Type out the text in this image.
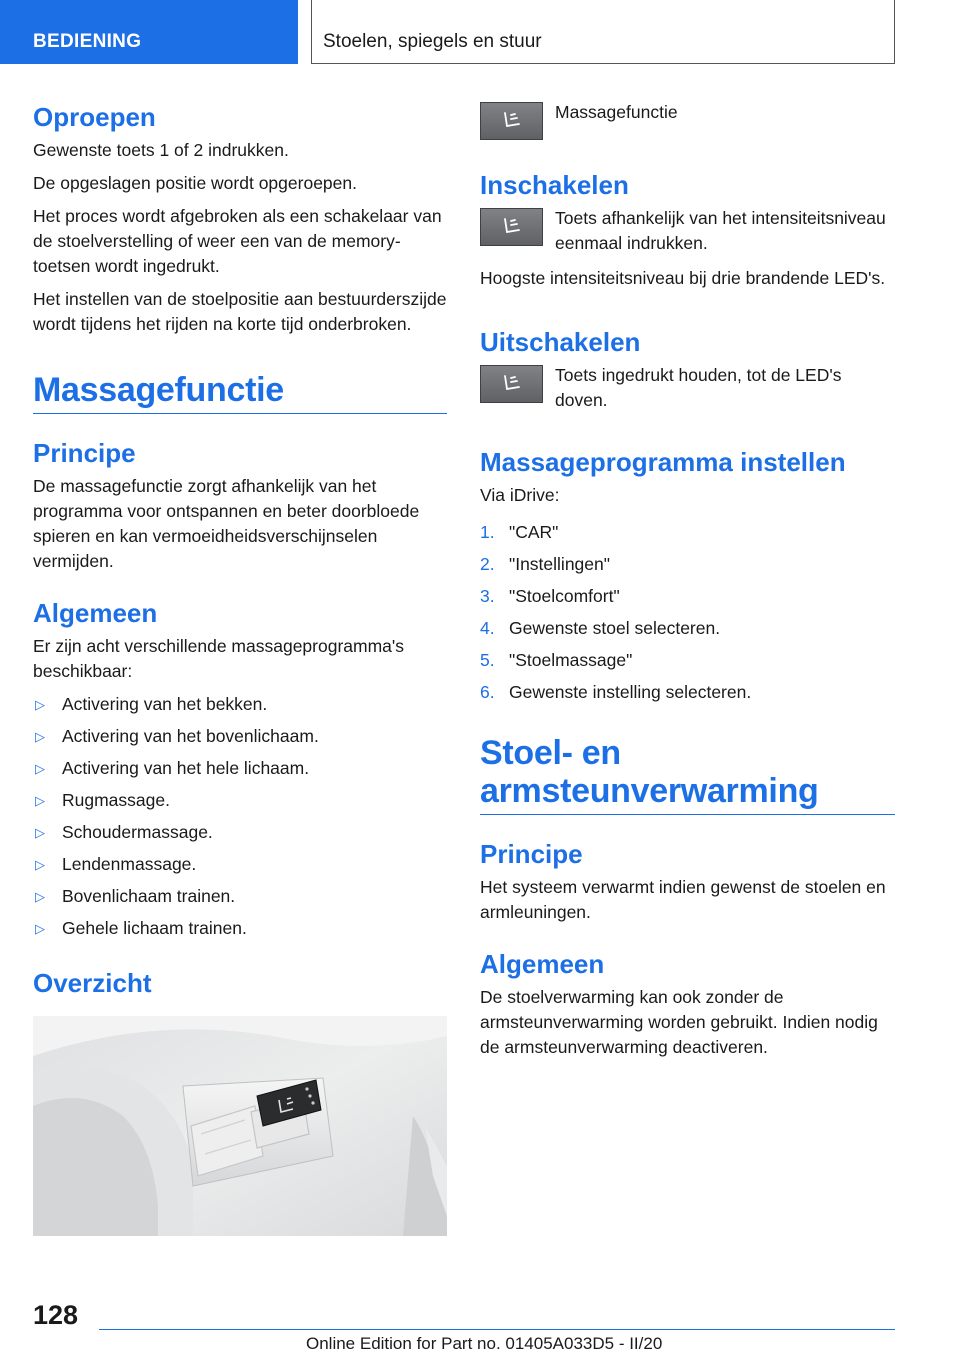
BEDIENING	Stoelen, spiegels en stuur
Oproepen

Gewenste toets 1 of 2 indrukken.

De opgeslagen positie wordt opgeroepen.

Het proces wordt afgebroken als een schakelaar van de stoelverstelling of weer een van de memory-toetsen wordt ingedrukt.

Het instellen van de stoelpositie aan bestuurderszijde wordt tijdens het rijden na korte tijd onderbroken.

Massagefunctie
Principe

De massagefunctie zorgt afhankelijk van het programma voor ontspannen en beter doorbloede spieren en kan vermoeidheidsverschijnselen vermijden.

Algemeen

Er zijn acht verschillende massageprogramma's beschikbaar:

▷ Activering van het bekken.
▷ Activering van het bovenlichaam.
▷ Activering van het hele lichaam.
▷ Rugmassage.
▷ Schoudermassage.
▷ Lendenmassage.
▷ Bovenlichaam trainen.
▷ Gehele lichaam trainen.
Overzicht
Massagefunctie
Inschakelen
Toets afhankelijk van het intensiteitsniveau eenmaal indrukken.

Hoogste intensiteitsniveau bij drie brandende LED's.

Uitschakelen
Toets ingedrukt houden, tot de LED's doven.
Massageprogramma instellen

Via iDrive:

1. "CAR"
2. "Instellingen"
3. "Stoelcomfort"
4. Gewenste stoel selecteren.
5. "Stoelmassage"
6. Gewenste instelling selecteren.
Stoel- en
armsteunverwarming
Principe

Het systeem verwarmt indien gewenst de stoelen en armleuningen.

Algemeen

De stoelverwarming kan ook zonder de armsteunverwarming worden gebruikt. Indien nodig de armsteunverwarming deactiveren.

128
Online Edition for Part no. 01405A033D5 - II/20
